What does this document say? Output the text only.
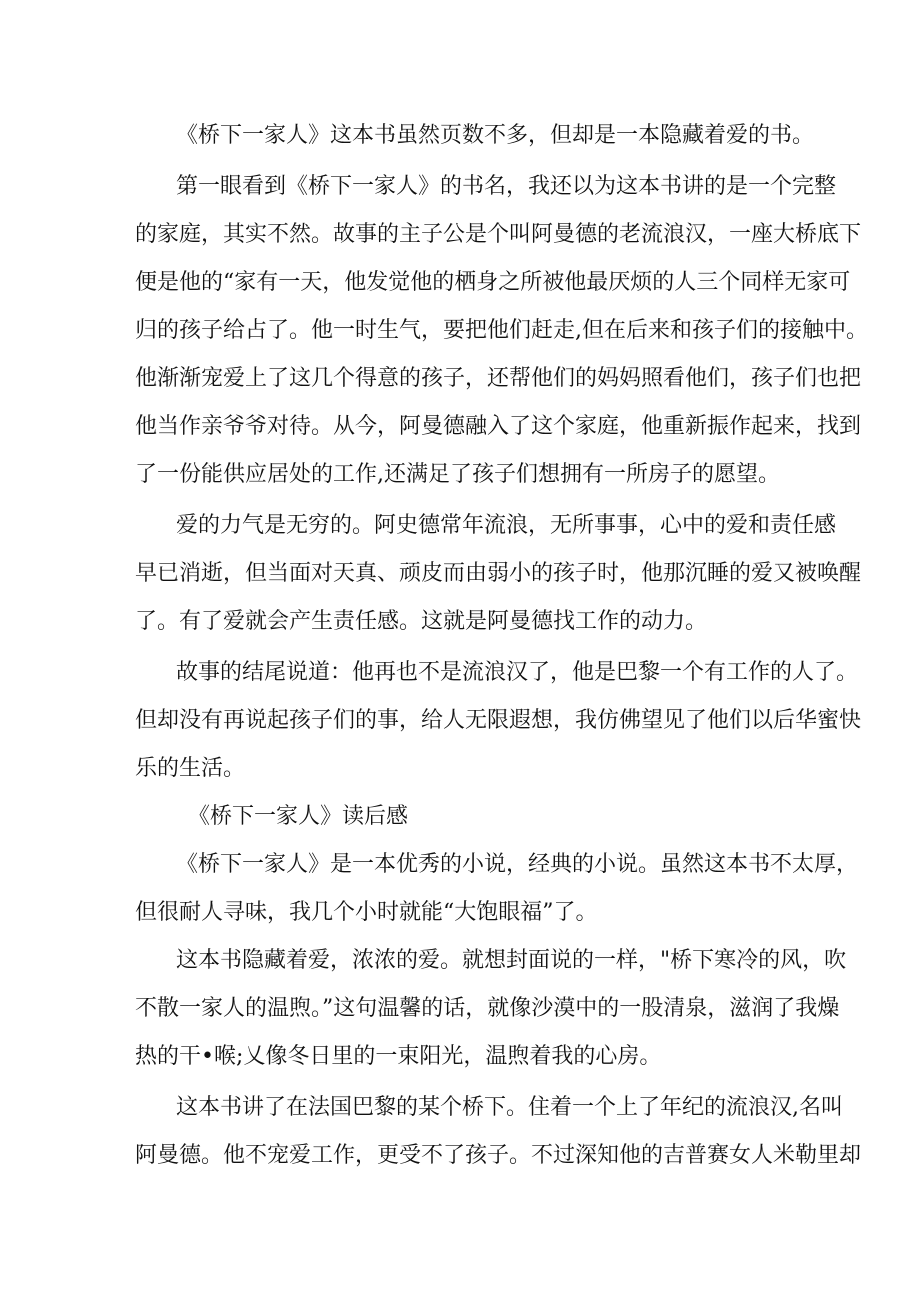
《桥下一家人》这本书虽然页数不多，但却是一本隐藏着爱的书。
第一眼看到《桥下一家人》的书名，我还以为这本书讲的是一个完整
的家庭，其实不然。故事的主子公是个叫阿曼德的老流浪汉，一座大桥底下
便是他的“家有一天，他发觉他的栖身之所被他最厌烦的人三个同样无家可
归的孩子给占了。他一时生气，要把他们赶走,但在后来和孩子们的接触中。
他渐渐宠爱上了这几个得意的孩子，还帮他们的妈妈照看他们，孩子们也把
他当作亲爷爷对待。从今，阿曼德融入了这个家庭，他重新振作起来，找到
了一份能供应居处的工作,还满足了孩子们想拥有一所房子的愿望。
爱的力气是无穷的。阿史德常年流浪，无所事事，心中的爱和责任感
早已消逝，但当面对天真、顽皮而由弱小的孩子时，他那沉睡的爱又被唤醒
了。有了爱就会产生责任感。这就是阿曼德找工作的动力。
故事的结尾说道：他再也不是流浪汉了，他是巴黎一个有工作的人了。
但却没有再说起孩子们的事，给人无限遐想，我仿佛望见了他们以后华蜜快
乐的生活。
《桥下一家人》读后感
《桥下一家人》是一本优秀的小说，经典的小说。虽然这本书不太厚，
但很耐人寻味，我几个小时就能“大饱眼福”了。
这本书隐藏着爱，浓浓的爱。就想封面说的一样，"桥下寒冷的风，吹
不散一家人的温煦。”这句温馨的话，就像沙漠中的一股清泉，滋润了我燥
热的干•喉;乂像冬日里的一束阳光，温煦着我的心房。
这本书讲了在法国巴黎的某个桥下。住着一个上了年纪的流浪汉,名叫
阿曼德。他不宠爱工作，更受不了孩子。不过深知他的吉普赛女人米勒里却
